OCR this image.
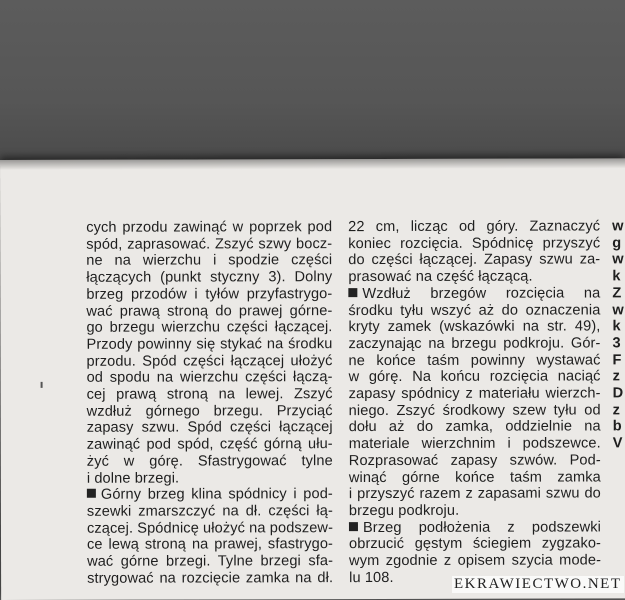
cych przodu zawinąć w poprzek pod
spód, zaprasować. Zszyć szwy bocz-
ne na wierzchu i spodzie części
łączących (punkt styczny 3). Dolny
brzeg przodów i tyłów przyfastrygo-
wać prawą stroną do prawej górne-
go brzegu wierzchu części łączącej.
Przody powinny się stykać na środku
przodu. Spód części łączącej ułożyć
od spodu na wierzchu części łączą-
cej prawą stroną na lewej. Zszyć
wzdłuż górnego brzegu. Przyciąć
zapasy szwu. Spód części łączącej
zawinąć pod spód, część górną ułu-
żyć w górę. Sfastrygować tylne
i dolne brzegi.
Górny brzeg klina spódnicy i pod-
szewki zmarszczyć na dł. części łą-
czącej. Spódnicę ułożyć na podszew-
ce lewą stroną na prawej, sfastrygo-
wać górne brzegi. Tylne brzegi sfa-
strygować na rozcięcie zamka na dł.
22 cm, licząc od góry. Zaznaczyć
koniec rozcięcia. Spódnicę przyszyć
do części łączącej. Zapasy szwu za-
prasować na część łączącą.
Wzdłuż brzegów rozcięcia na
środku tyłu wszyć aż do oznaczenia
kryty zamek (wskazówki na str. 49),
zaczynając na brzegu podkroju. Gór-
ne końce taśm powinny wystawać
w górę. Na końcu rozcięcia naciąć
zapasy spódnicy z materiału wierzch-
niego. Zszyć środkowy szew tyłu od
dołu aż do zamka, oddzielnie na
materiale wierzchnim i podszewce.
Rozprasować zapasy szwów. Pod-
winąć górne końce taśm zamka
i przyszyć razem z zapasami szwu do
brzegu podkroju.
Brzeg podłożenia z podszewki
obrzucić gęstym ściegiem zygzako-
wym zgodnie z opisem szycia mode-
lu 108.
w
g
w
k
Z
w
k
3
F
z
D
z
b
V
EKRAWIECTWO.NET
